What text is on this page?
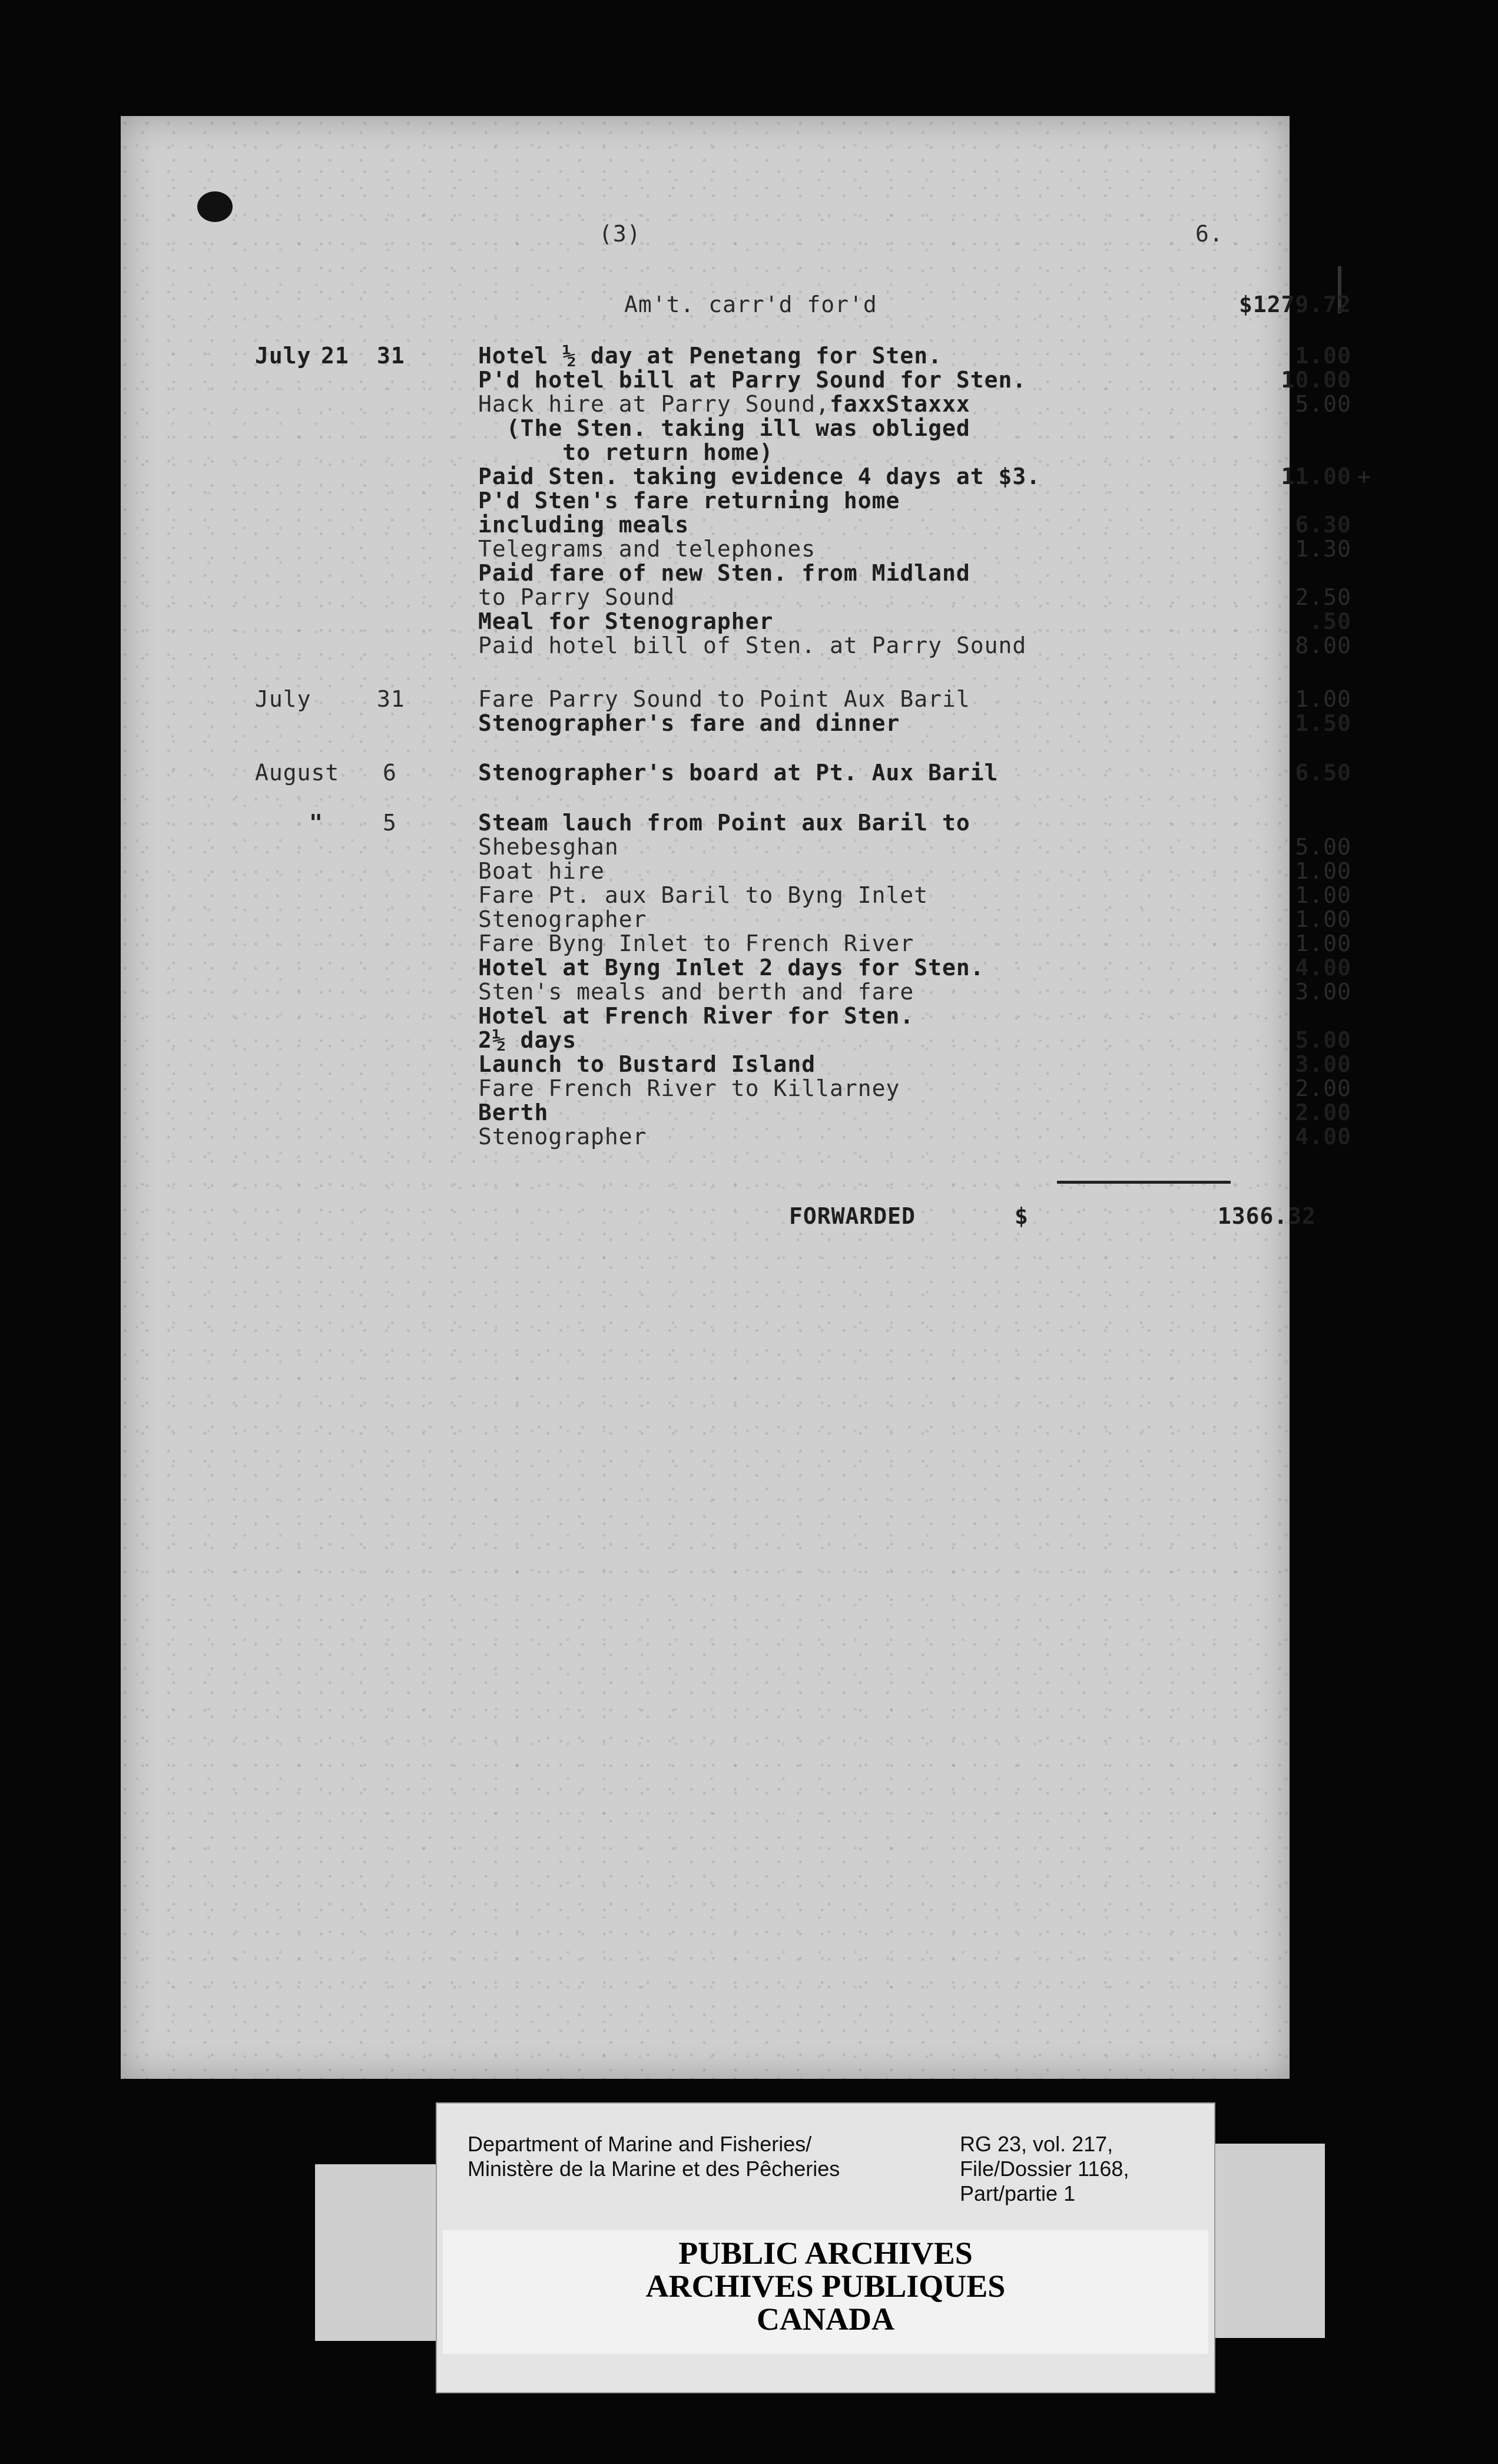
(3)	6.
Am't. carr'd for'd	$1279.72
July 21 31	Hotel ½ day at Penetang for Sten.	1.00
P'd hotel bill at Parry Sound for Sten.	10.00
Hack hire at Parry Sound,faxxStaxxx	5.00
(The Sten. taking ill was obliged
to return home)
Paid Sten. taking evidence 4 days at $3.	11.00 +
P'd Sten's fare returning home
including meals	6.30
Telegrams and telephones	1.30
Paid fare of new Sten. from Midland
to Parry Sound	2.50
Meal for Stenographer	.50
Paid hotel bill of Sten. at Parry Sound	8.00
July	31	Fare Parry Sound to Point Aux Baril	1.00
Stenographer's fare and dinner	1.50
August 6	Stenographer's board at Pt. Aux Baril	6.50
"	5	Steam lauch from Point aux Baril to
Shebesghan	5.00
Boat hire	1.00
Fare Pt. aux Baril to Byng Inlet	1.00
Stenographer	1.00
Fare Byng Inlet to French River	1.00
Hotel at Byng Inlet 2 days for Sten.	4.00
Sten's meals and berth and fare	3.00
Hotel at French River for Sten.
2½ days	5.00
Launch to Bustard Island	3.00
Fare French River to Killarney	2.00
Berth	2.00
Stenographer	4.00
FORWARDED	$	1366.32
Department of Marine and Fisheries/
Ministère de la Marine et des Pêcheries
RG 23, vol. 217,
File/Dossier 1168,
Part/partie 1
PUBLIC ARCHIVES
ARCHIVES PUBLIQUES
CANADA
